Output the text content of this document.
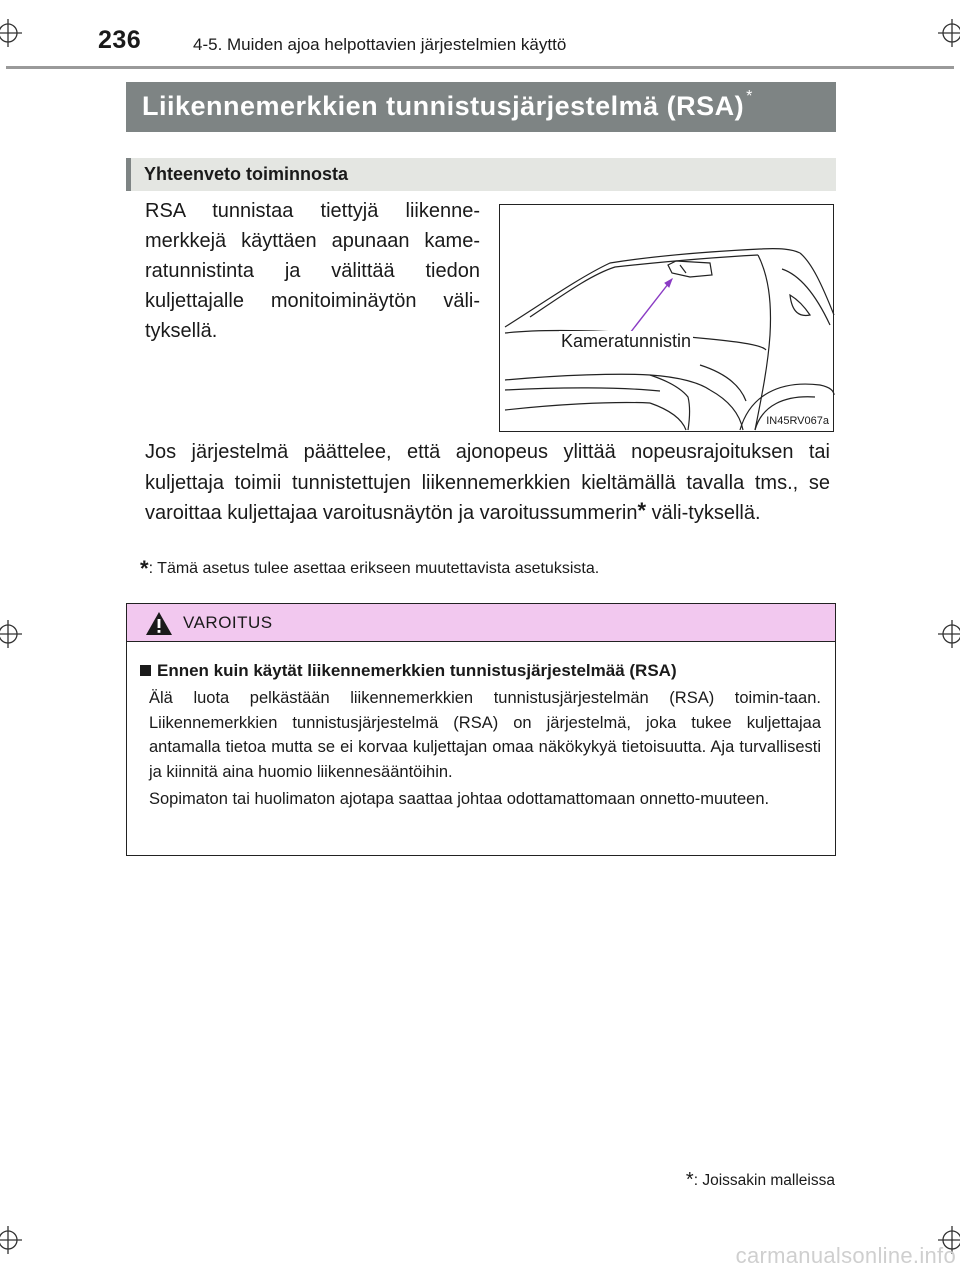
236	4-5. Muiden ajoa helpottavien järjestelmien käyttö
Liikennemerkkien tunnistusjärjestelmä (RSA) *
Yhteenveto toiminnosta
RSA tunnistaa tiettyjä liikenne-merkkejä käyttäen apunaan kame-ratunnistinta ja välittää tiedon kuljettajalle monitoiminäytön väli-tyksellä.	Kameratunnistin
IN45RV067a
Jos järjestelmä päättelee, että ajonopeus ylittää nopeusrajoituksen tai kuljettaja toimii tunnistettujen liikennemerkkien kieltämällä tavalla tms., se varoittaa kuljettajaa varoitusnäytön ja varoitussummerin* väli-tyksellä.
*: Tämä asetus tulee asettaa erikseen muutettavista asetuksista.
VAROITUS
Ennen kuin käytät liikennemerkkien tunnistusjärjestelmää (RSA)
Älä luota pelkästään liikennemerkkien tunnistusjärjestelmän (RSA) toimin-taan. Liikennemerkkien tunnistusjärjestelmä (RSA) on järjestelmä, joka tukee kuljettajaa antamalla tietoa mutta se ei korvaa kuljettajan omaa näkökykyä tietoisuutta. Aja turvallisesti ja kiinnitä aina huomio liikennesääntöihin.
Sopimaton tai huolimaton ajotapa saattaa johtaa odottamattomaan onnetto-muuteen.
*: Joissakin malleissa
carmanualsonline.info
